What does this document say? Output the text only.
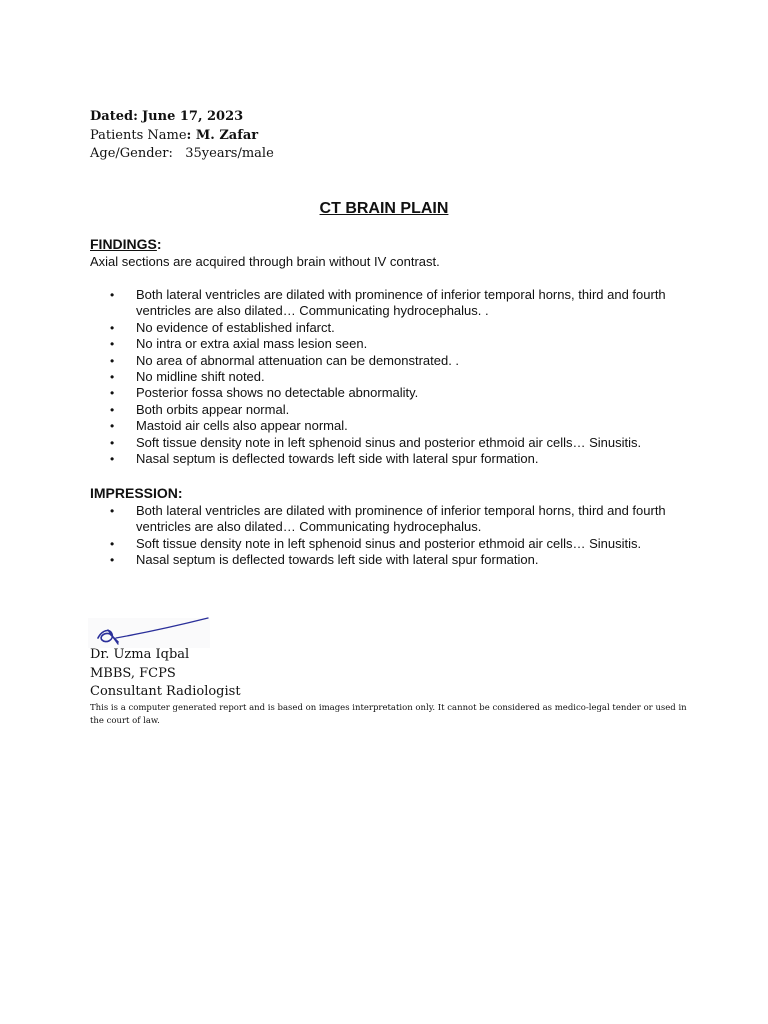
Dated: June 17, 2023
Patients Name: M. Zafar
Age/Gender: 35years/male
CT BRAIN PLAIN
FINDINGS:
Axial sections are acquired through brain without IV contrast.
• Both lateral ventricles are dilated with prominence of inferior temporal horns, third and fourth ventricles are also dilated… Communicating hydrocephalus. .
• No evidence of established infarct.
• No intra or extra axial mass lesion seen.
• No area of abnormal attenuation can be demonstrated. .
• No midline shift noted.
• Posterior fossa shows no detectable abnormality.
• Both orbits appear normal.
• Mastoid air cells also appear normal.
• Soft tissue density note in left sphenoid sinus and posterior ethmoid air cells… Sinusitis.
• Nasal septum is deflected towards left side with lateral spur formation.
IMPRESSION:
• Both lateral ventricles are dilated with prominence of inferior temporal horns, third and fourth ventricles are also dilated… Communicating hydrocephalus.
• Soft tissue density note in left sphenoid sinus and posterior ethmoid air cells… Sinusitis.
• Nasal septum is deflected towards left side with lateral spur formation.
Dr. Uzma Iqbal
MBBS, FCPS
Consultant Radiologist
This is a computer generated report and is based on images interpretation only. It cannot be considered as medico-legal tender or used in the court of law.
